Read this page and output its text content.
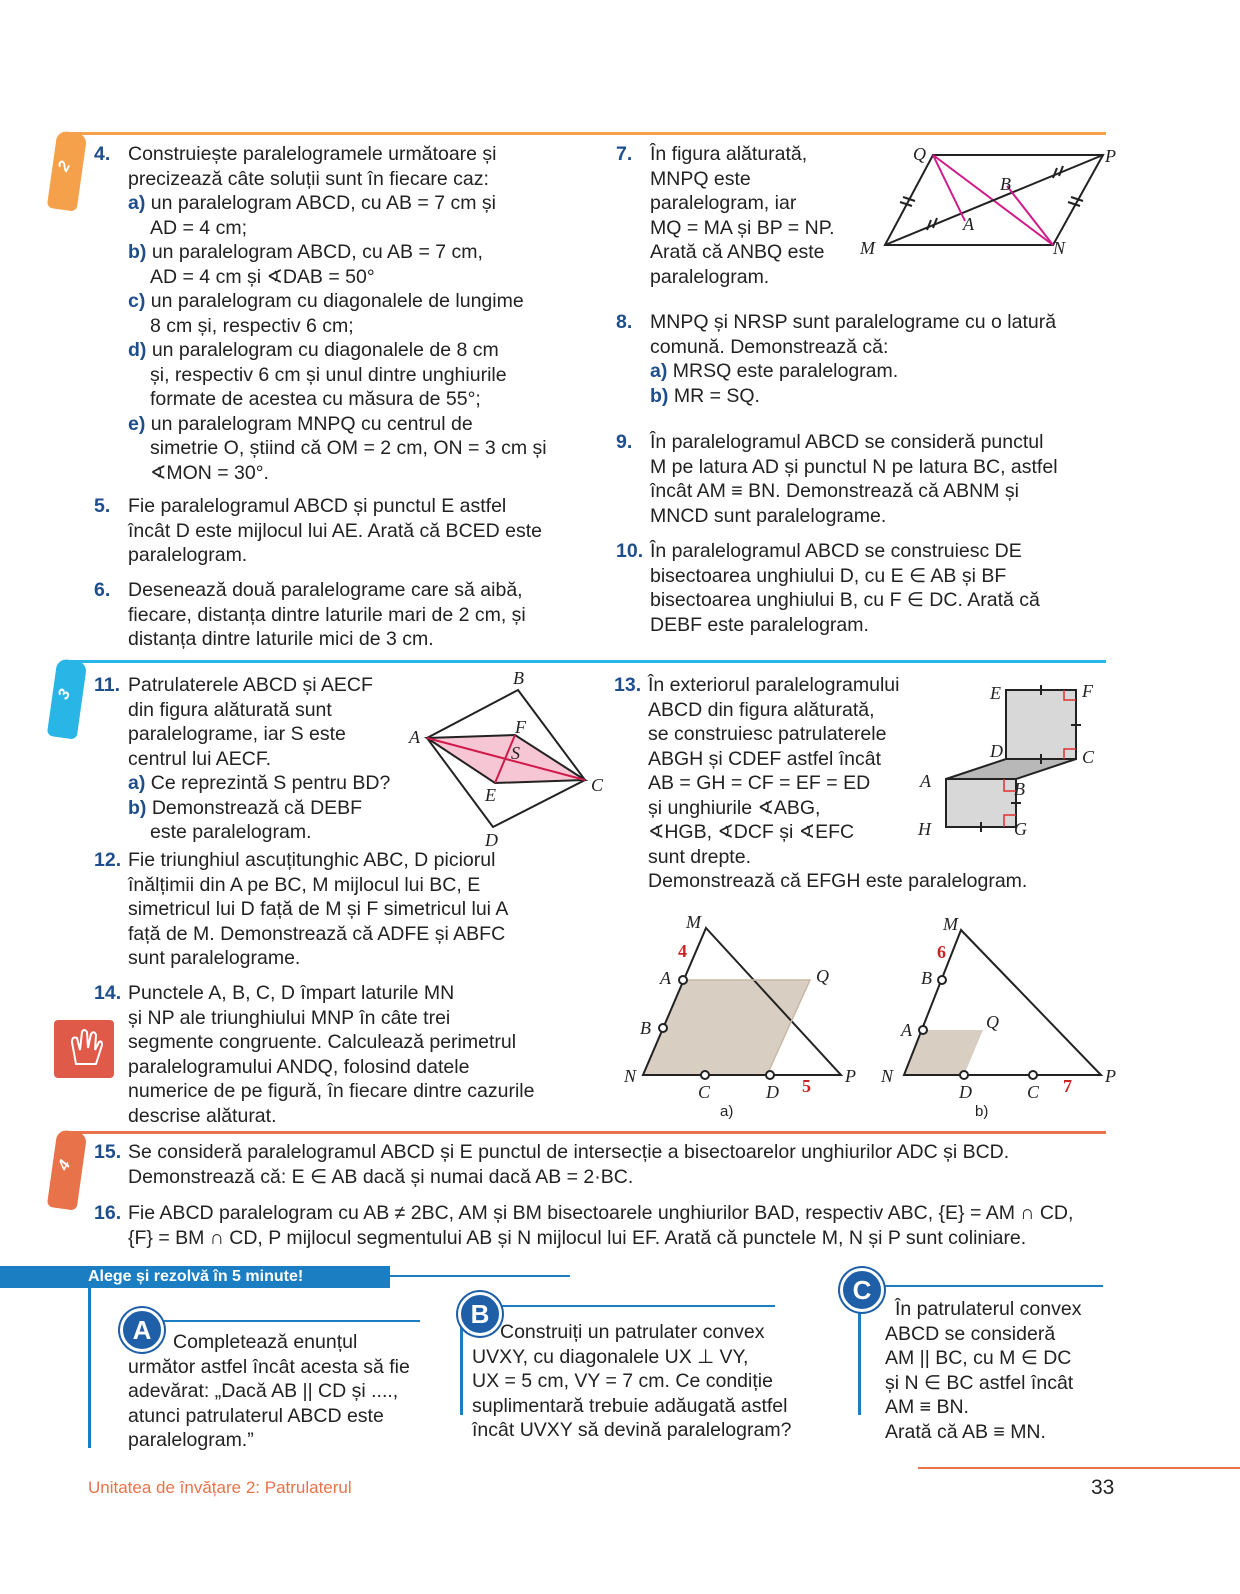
2
3
4
4. Construiește paralelogramele următoare și
precizează câte soluții sunt în fiecare caz:

a) un paralelogram ABCD, cu AB = 7 cm și
AD = 4 cm;

b) un paralelogram ABCD, cu AB = 7 cm,
AD = 4 cm și ∢DAB = 50°

c) un paralelogram cu diagonalele de lungime
8 cm și, respectiv 6 cm;

d) un paralelogram cu diagonalele de 8 cm
și, respectiv 6 cm și unul dintre unghiurile
formate de acestea cu măsura de 55°;

e) un paralelogram MNPQ cu centrul de
simetrie O, știind că OM = 2 cm, ON = 3 cm și
∢MON = 30°.

5. Fie paralelogramul ABCD și punctul E astfel
încât D este mijlocul lui AE. Arată că BCED este
paralelogram.

6. Desenează două paralelograme care să aibă,
fiecare, distanța dintre laturile mari de 2 cm, și
distanța dintre laturile mici de 3 cm.

7. În figura alăturată,
MNPQ este
paralelogram, iar
MQ = MA și BP = NP.
Arată că ANBQ este
paralelogram.

Q	P
B
A
M	N
8. MNPQ și NRSP sunt paralelograme cu o latură
comună. Demonstrează că:

a) MRSQ este paralelogram.

b) MR = SQ.

9. În paralelogramul ABCD se consideră punctul
M pe latura AD și punctul N pe latura BC, astfel
încât AM ≡ BN. Demonstrează că ABNM și
MNCD sunt paralelograme.

10. În paralelogramul ABCD se construiesc DE
bisectoarea unghiului D, cu E ∈ AB și BF
bisectoarea unghiului B, cu F ∈ DC. Arată că
DEBF este paralelogram.

11. Patrulaterele ABCD și AECF
din figura alăturată sunt
paralelograme, iar S este
centrul lui AECF.

a) Ce reprezintă S pentru BD?

b) Demonstrează că DEBF
este paralelogram.

B
A	F
S
C
E
D
12. Fie triunghiul ascuțitunghic ABC, D piciorul
înălțimii din A pe BC, M mijlocul lui BC, E
simetricul lui D față de M și F simetricul lui A
față de M. Demonstrează că ADFE și ABFC
sunt paralelograme.

13. În exteriorul paralelogramului
ABCD din figura alăturată,
se construiesc patrulaterele
ABGH și CDEF astfel încât
AB = GH = CF = EF = ED
și unghiurile ∢ABG,
∢HGB, ∢DCF și ∢EFC
sunt drepte.
Demonstrează că EFGH este paralelogram.

E	F
D	C
A	B
H	G
14. Punctele A, B, C, D împart laturile MN
și NP ale triunghiului MNP în câte trei
segmente congruente. Calculează perimetrul
paralelogramului ANDQ, folosind datele
numerice de pe figură, în fiecare dintre cazurile
descrise alăturat.

M
A	Q
B
N
C	D
P
4
5
a)
M
B
A	Q
N
D	C
P
6
7
b)
15. Se consideră paralelogramul ABCD și E punctul de intersecție a bisectoarelor unghiurilor ADC și BCD.
Demonstrează că: E ∈ AB dacă și numai dacă AB = 2·BC.

16. Fie ABCD paralelogram cu AB ≠ 2BC, AM și BM bisectoarele unghiurilor BAD, respectiv ABC, {E} = AM ∩ CD,
{F} = BM ∩ CD, P mijlocul segmentului AB și N mijlocul lui EF. Arată că punctele M, N și P sunt coliniare.

Alege și rezolvă în 5 minute!
A	Completează enunțul
următor astfel încât acesta să fie
adevărat: „Dacă AB || CD și ....,
atunci patrulaterul ABCD este
paralelogram.”
B
Construiți un patrulater convex
UVXY, cu diagonalele UX ⊥ VY,
UX = 5 cm, VY = 7 cm. Ce condiție
suplimentară trebuie adăugată astfel
încât UVXY să devină paralelogram?
C
În patrulaterul convex
ABCD se consideră
AM || BC, cu M ∈ DC
și N ∈ BC astfel încât
AM ≡ BN.
Arată că AB ≡ MN.
Unitatea de învățare 2: Patrulaterul	33
